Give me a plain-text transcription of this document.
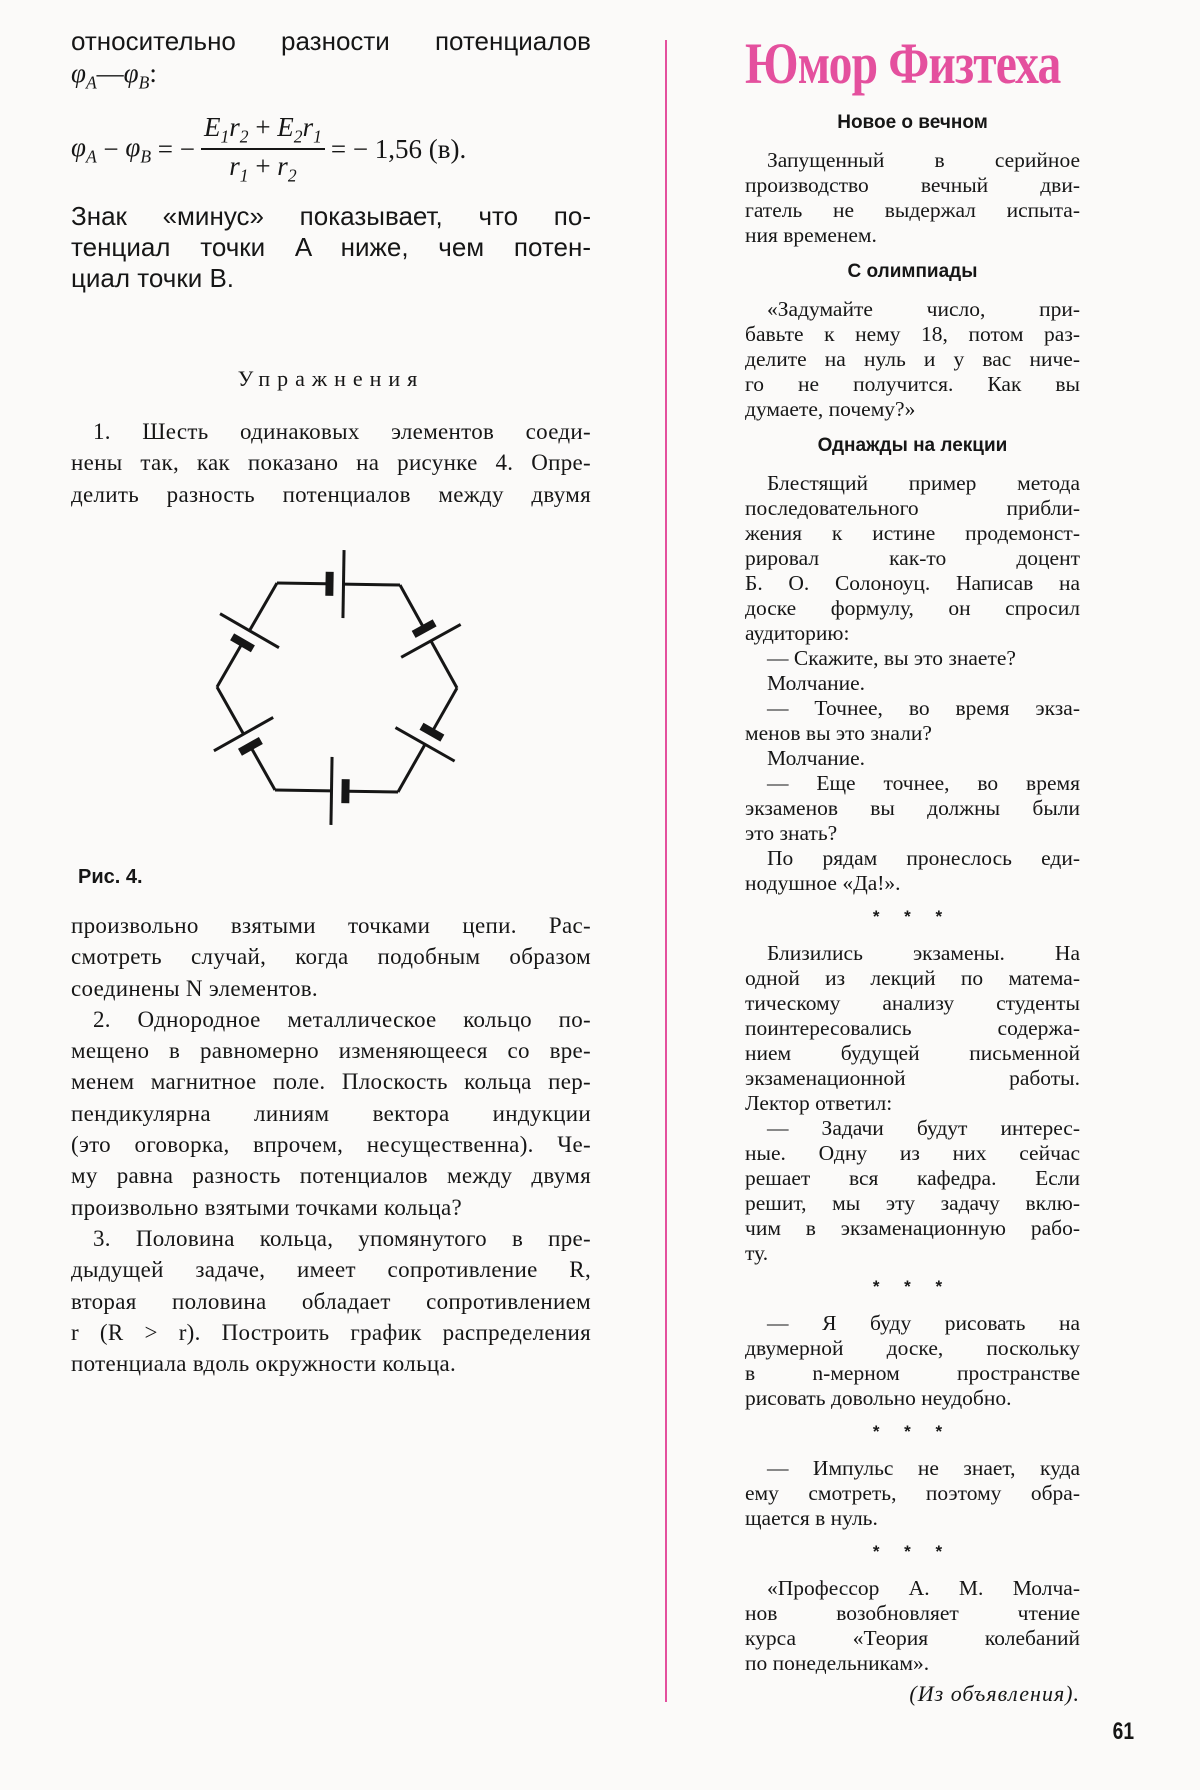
относительно разности потенциалов
$\varphi_A—\varphi_B$:
$\varphi_A - \varphi_B$ = − $\frac{E_1r_2 + E_2r_1}{r_1 + r_2}$ = − 1,56 (в).
Знак «минус» показывает, что по-
тенциал точки A ниже, чем потен-
циал точки B.
Упражнения
1. Шесть одинаковых элементов соеди-
нены так, как показано на рисунке 4. Опре-
делить разность потенциалов между двумя
Рис. 4.
произвольно взятыми точками цепи. Рас-
смотреть случай, когда подобным образом
соединены N элементов.
2. Однородное металлическое кольцо по-
мещено в равномерно изменяющееся со вре-
менем магнитное поле. Плоскость кольца пер-
пендикулярна линиям вектора индукции
(это оговорка, впрочем, несущественна). Че-
му равна разность потенциалов между двумя
произвольно взятыми точками кольца?
3. Половина кольца, упомянутого в пре-
дыдущей задаче, имеет сопротивление R,
вторая половина обладает сопротивлением
r (R > r). Построить график распределения
потенциала вдоль окружности кольца.
Юмор Физтеха
Новое о вечном
Запущенный в серийное
производство вечный дви-
гатель не выдержал испыта-
ния временем.
С олимпиады
«Задумайте число, при-
бавьте к нему 18, потом раз-
делите на нуль и у вас ниче-
го не получится. Как вы
думаете, почему?»
Однажды на лекции
Блестящий пример метода
последовательного прибли-
жения к истине продемонст-
рировал как-то доцент
Б. О. Солоноуц. Написав на
доске формулу, он спросил
аудиторию:
— Скажите, вы это знаете?
Молчание.
— Точнее, во время экза-
менов вы это знали?
Молчание.
— Еще точнее, во время
экзаменов вы должны были
это знать?
По рядам пронеслось еди-
нодушное «Да!».
* * *
Близились экзамены. На
одной из лекций по матема-
тическому анализу студенты
поинтересовались содержа-
нием будущей письменной
экзаменационной работы.
Лектор ответил:
— Задачи будут интерес-
ные. Одну из них сейчас
решает вся кафедра. Если
решит, мы эту задачу вклю-
чим в экзаменационную рабо-
ту.
* * *
— Я буду рисовать на
двумерной доске, поскольку
в n-мерном пространстве
рисовать довольно неудобно.
* * *
— Импульс не знает, куда
ему смотреть, поэтому обра-
щается в нуль.
* * *
«Профессор А. М. Молча-
нов возобновляет чтение
курса «Теория колебаний
по понедельникам».
(Из объявления).
61
